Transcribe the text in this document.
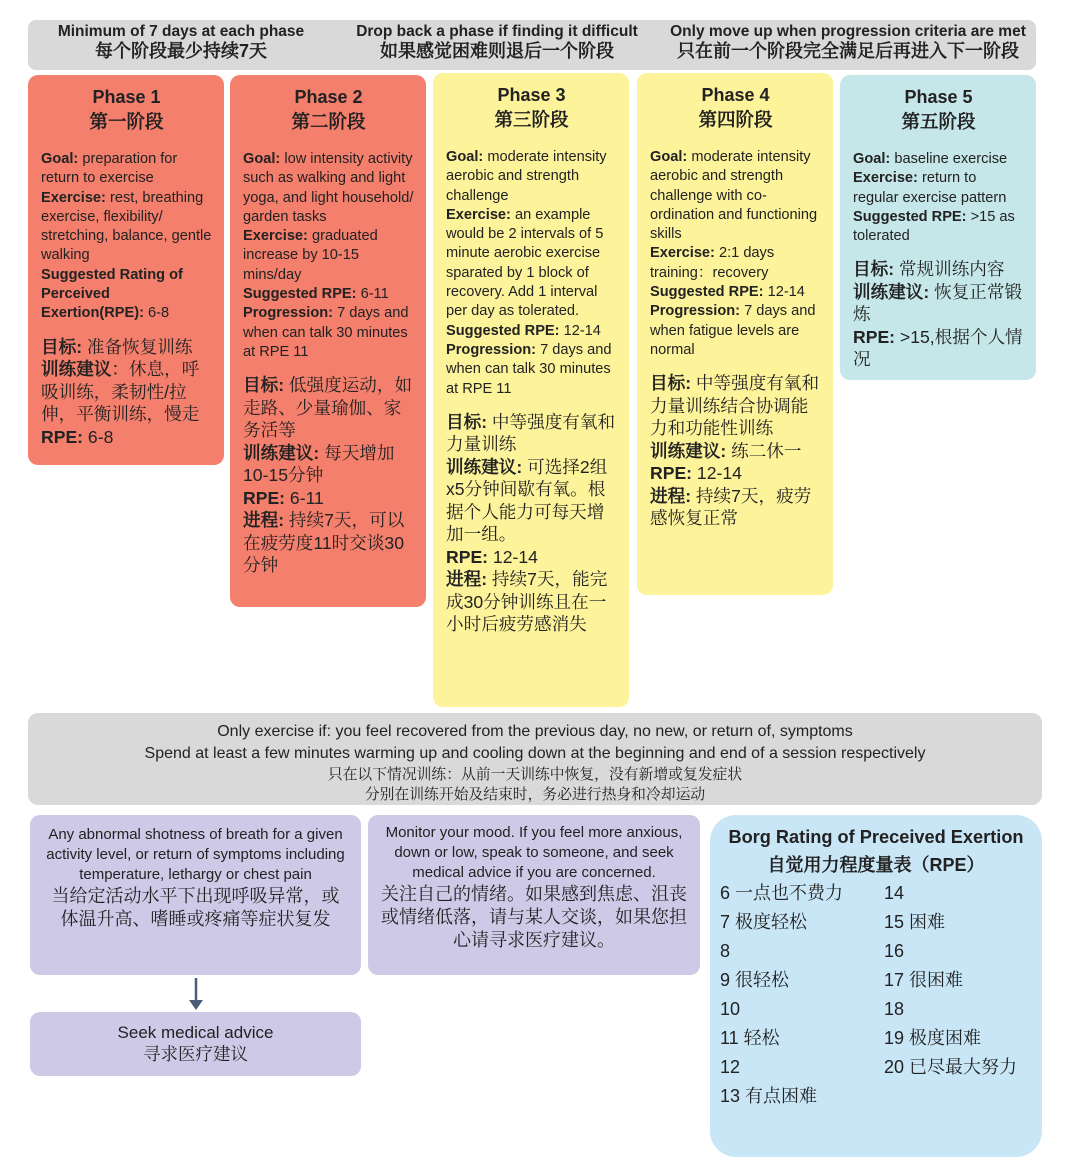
Minimum of 7 days at each phase
每个阶段最少持续7天
Drop back a phase if finding it difficult
如果感觉困难则退后一个阶段
Only move up when progression criteria are met
只在前一个阶段完全满足后再进入下一阶段
Phase 1
第一阶段

Goal: preparation for return to exercise

Exercise: rest, breathing exercise, flexibility/ stretching, balance, gentle walking

Suggested Rating of Perceived Exertion(RPE): 6-8

目标: 准备恢复训练

训练建议：休息，呼吸训练，柔韧性/拉伸，平衡训练，慢走

RPE: 6-8

Phase 2
第二阶段

Goal: low intensity activity such as walking and light yoga, and light household/ garden tasks

Exercise: graduated increase by 10-15 mins/day

Suggested RPE: 6-11

Progression: 7 days and when can talk 30 minutes at RPE 11

目标: 低强度运动，如走路、少量瑜伽、家务活等

训练建议: 每天增加10-15分钟

RPE: 6-11

进程: 持续7天，可以在疲劳度11时交谈30分钟

Phase 3
第三阶段

Goal: moderate intensity aerobic and strength challenge

Exercise: an example would be 2 intervals of 5 minute aerobic exercise sparated by 1 block of recovery. Add 1 interval per day as tolerated.

Suggested RPE: 12-14

Progression: 7 days and when can talk 30 minutes at RPE 11

目标: 中等强度有氧和力量训练

训练建议: 可选择2组x5分钟间歇有氧。根据个人能力可每天增加一组。

RPE: 12-14

进程: 持续7天，能完成30分钟训练且在一小时后疲劳感消失

Phase 4
第四阶段

Goal: moderate intensity aerobic and strength challenge with co-ordination and functioning skills

Exercise: 2:1 days training：recovery

Suggested RPE: 12-14

Progression: 7 days and when fatigue levels are normal

目标: 中等强度有氧和力量训练结合协调能力和功能性训练

训练建议: 练二休一

RPE: 12-14

进程: 持续7天，疲劳感恢复正常

Phase 5
第五阶段

Goal: baseline exercise

Exercise: return to regular exercise pattern

Suggested RPE: >15 as tolerated

目标: 常规训练内容

训练建议: 恢复正常锻炼

RPE: >15,根据个人情况

Only exercise if: you feel recovered from the previous day, no new, or return of, symptoms
Spend at least a few minutes warming up and cooling down at the beginning and end of a session respectively
只在以下情况训练：从前一天训练中恢复，没有新增或复发症状
分别在训练开始及结束时，务必进行热身和冷却运动
Any abnormal shotness of breath for a given activity level, or return of symptoms including temperature, lethargy or chest pain
当给定活动水平下出现呼吸异常，或体温升高、嗜睡或疼痛等症状复发
Seek medical advice
寻求医疗建议
Monitor your mood. If you feel more anxious, down or low, speak to someone, and seek medical advice if you are concerned.
关注自己的情绪。如果感到焦虑、沮丧或情绪低落，请与某人交谈，如果您担心请寻求医疗建议。
Borg Rating of Preceived Exertion
自觉用力程度量表（RPE）
6 一点也不费力
7 极度轻松
8
9 很轻松
10
11 轻松
12
13 有点困难
14
15 困难
16
17 很困难
18
19 极度困难
20 已尽最大努力
